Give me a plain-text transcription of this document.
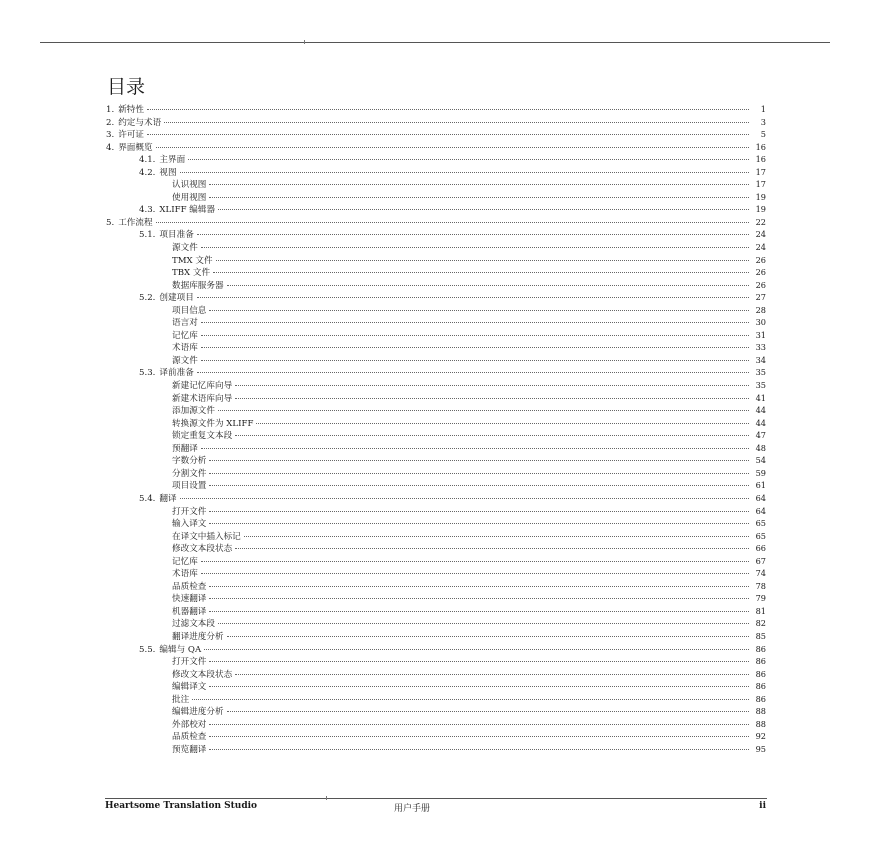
目录
1. 新特性	1
2. 约定与术语	3
3. 许可证	5
4. 界面概览	16
4.1. 主界面	16
4.2. 视图	17
认识视图	17
使用视图	19
4.3. XLIFF 编辑器	19
5. 工作流程	22
5.1. 项目准备	24
源文件	24
TMX 文件	26
TBX 文件	26
数据库服务器	26
5.2. 创建项目	27
项目信息	28
语言对	30
记忆库	31
术语库	33
源文件	34
5.3. 译前准备	35
新建记忆库向导	35
新建术语库向导	41
添加源文件	44
转换源文件为 XLIFF	44
锁定重复文本段	47
预翻译	48
字数分析	54
分割文件	59
项目设置	61
5.4. 翻译	64
打开文件	64
输入译文	65
在译文中插入标记	65
修改文本段状态	66
记忆库	67
术语库	74
品质检查	78
快速翻译	79
机器翻译	81
过滤文本段	82
翻译进度分析	85
5.5. 编辑与 QA	86
打开文件	86
修改文本段状态	86
编辑译文	86
批注	86
编辑进度分析	88
外部校对	88
品质检查	92
预览翻译	95
Heartsome Translation Studio	用户手册	ii
